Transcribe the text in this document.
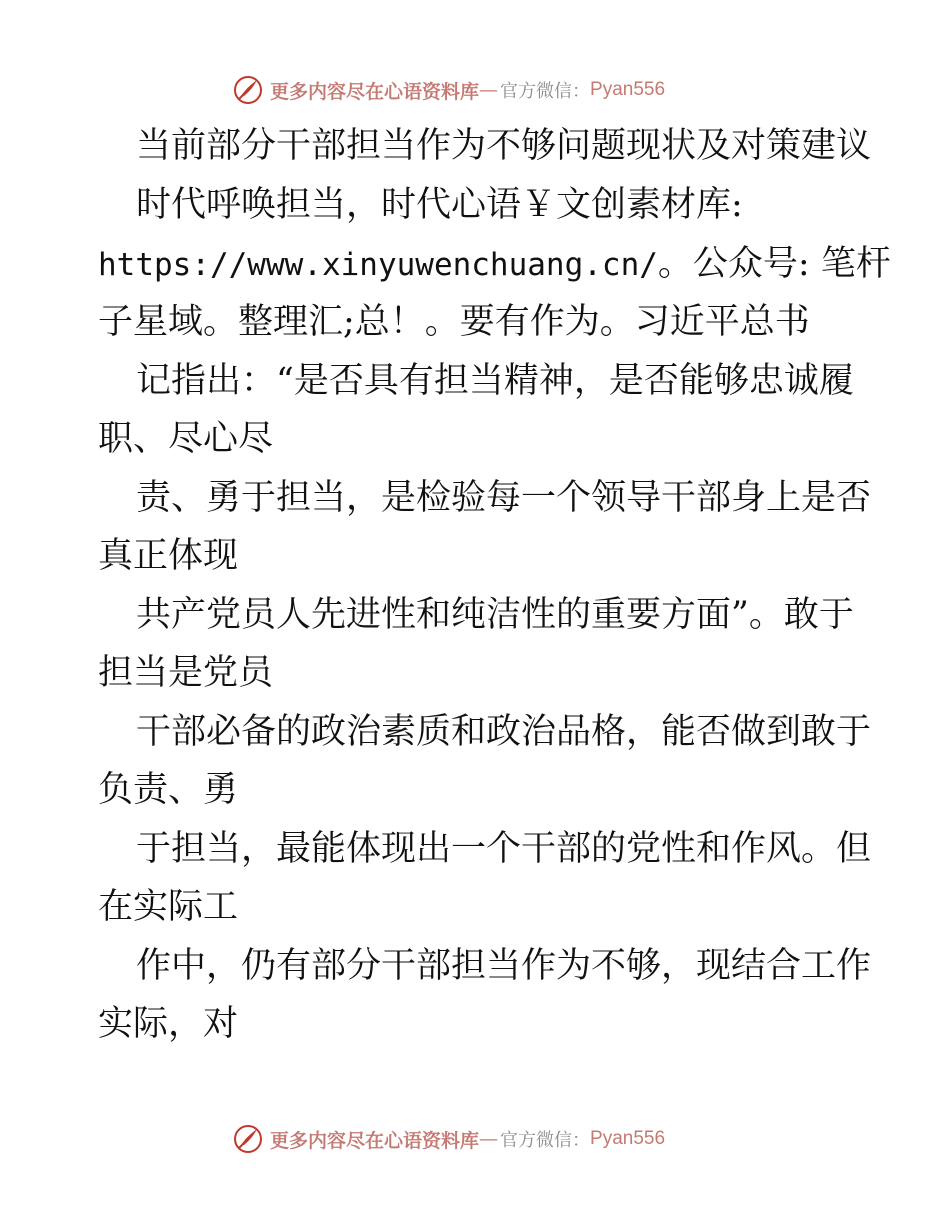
更多内容尽在心语资料库 — 官方微信： Pyan556
当前部分干部担当作为不够问题现状及对策建议
时代呼唤担当，时代心语￥文创素材库:
https://www.xinyuwenchuang.cn/。公众号: 笔杆
子星域。整理汇;总！。要有作为。习近平总书
记指出：“是否具有担当精神，是否能够忠诚履
职、尽心尽
责、勇于担当，是检验每一个领导干部身上是否
真正体现
共产党员人先进性和纯洁性的重要方面”。敢于
担当是党员
干部必备的政治素质和政治品格，能否做到敢于
负责、勇
于担当，最能体现出一个干部的党性和作风。但
在实际工
作中，仍有部分干部担当作为不够，现结合工作
实际，对
更多内容尽在心语资料库 — 官方微信： Pyan556
